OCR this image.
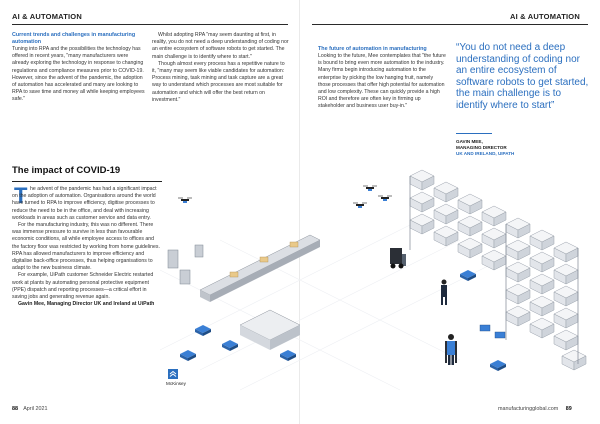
AI & AUTOMATION

Current trends and challenges in manufacturing automation

Tuning into RPA and the possibilities the technology has offered in recent years, "many manufacturers were already exploring the technology in response to changing regulations and compliance measures prior to COVID-19. However, since the advent of the pandemic, the adoption of automation has accelerated and many are looking to RPA to save time and money all while keeping employees safe."

Whilst adopting RPA "may seem daunting at first, in reality, you do not need a deep understanding of coding nor an entire ecosystem of software robots to get started. The main challenge is to identify where to start."

Though almost every process has a repetitive nature to it, "many may seem like viable candidates for automation: Process mining, task mining and task capture are a great way to understand which processes are most suitable for automation and which will offer the best return on investment."

The impact of COVID-19
T he advent of the pandemic has had a significant impact on the adoption of automation. Organisations around the world have turned to RPA to improve efficiency, digitise processes to reduce the need to be in the office, and deal with increasing workloads in areas such as customer service and data entry.

For the manufacturing industry, this was no different. There was immense pressure to survive in less than favourable economic conditions, all while employee access to offices and the factory floor was restricted by working from home guidelines. RPA has allowed manufacturers to improve efficiency and digitalise back-office processes, thus helping organisations to adapt to the new business climate.

For example, UiPath customer Schneider Electric restarted work at plants by automating personal protective equipment (PPE) dispatch and reporting processes—a critical effort in saving jobs and generating revenue again.

Gavin Mee, Managing Director UK and Ireland at UiPath

McKinsey
88 April 2021
AI & AUTOMATION

The future of automation in manufacturing

Looking to the future, Mee contemplates that "the future is bound to bring even more automation to the industry. Many firms begin introducing automation to the enterprise by picking the low hanging fruit, namely those processes that offer high potential for automation and low complexity. These can quickly provide a high ROI and therefore are often key in firming up stakeholder and business user buy-in."

“You do not need a deep understanding of coding nor an entire ecosystem of software robots to get started, the main challenge is to identify where to start”
GAVIN MEE,
MANAGING DIRECTOR
UK AND IRELAND, UIPATH
manufacturingglobal.com 89
